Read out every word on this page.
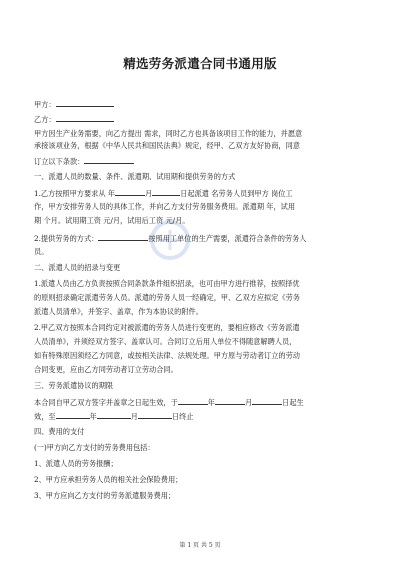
精选劳务派遣合同书通用版
甲方：
乙方：
甲方因生产业务需要，向乙方提出 需求，同时乙方也具备该项目工作的能力，并愿意
承接该项业务，根据《中华人民共和国民法典》规定，经甲、乙双方友好协商，同意
订立以下条款：
一、派遣人员的数量、条件、派遣期、试用期和提供劳务的方式
1.乙方按照甲方要求从 年	月	日起派遣 名劳务人员到甲方 岗位工
作，甲方安排劳务人员的具体工作，并向乙方支付劳务服务费用。派遣期 年，试用
期 个月。试用期工资 元/月，试用后工资 元/月。
2.提供劳务的方式：	按照用工单位的生产需要，派遣符合条件的劳务人
员。
二、派遣人员的招录与变更
1.派遣人员由乙方负责按照合同条款条件组织招录，也可由甲方进行推荐，按照择优
的原则招录确定派遣劳务人员。派遣的劳务人员一经确定，甲、乙双方应拟定《劳务
派遣人员清单》，并签字、盖章，作为本协议的附件。
2.甲乙双方按照本合同约定对被派遣的劳务人员进行变更的，要相应修改《劳务派遣
人员清单》，并须经双方签字、盖章认可。合同订立后用人单位不得随意解聘人员，
如有特殊原因须经乙方同意，或按相关法律、法规处理。甲方原与劳动者订立的劳动
合同变更，应由乙方同劳动者订立劳动合同。
三、劳务派遣协议的期限
本合同自甲乙双方签字并盖章之日起生效，于	年	月	日起生
效，至	年	月	日终止
四、费用的支付
(一)甲方向乙方支付的劳务费用包括：
1、派遣人员的劳务报酬；
2、甲方应承担劳务人员的相关社会保险费用；
3、甲方应向乙方支付的劳务派遣服务费用；
第 1 页 共 5 页
